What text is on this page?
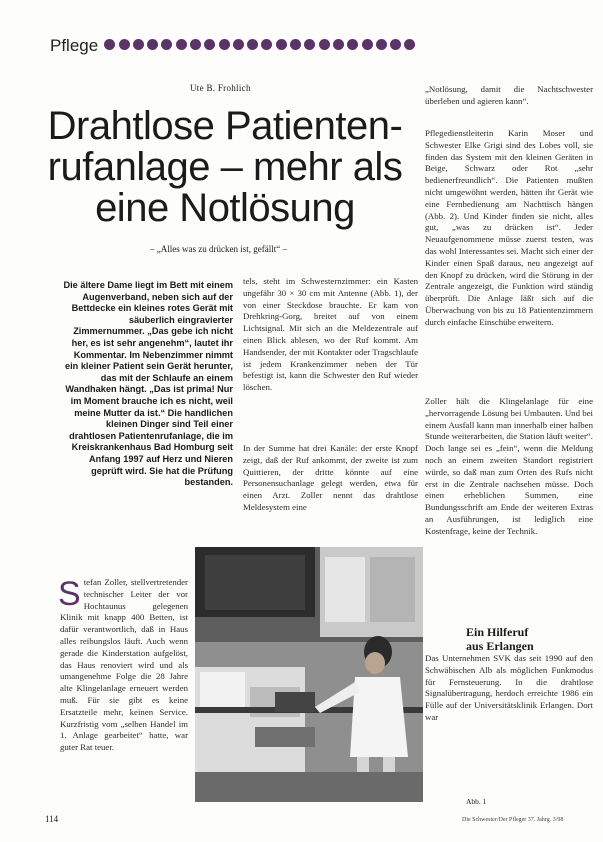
Pflege
Ute B. Frohlich
Drahtlose Patienten-
rufanlage – mehr als
eine Notlösung
– „Alles was zu drücken ist, gefällt“ –

Die ältere Dame liegt im Bett mit einem Augenverband, neben sich auf der Bettdecke ein kleines rotes Gerät mit säuberlich eingravierter Zimmernummer. „Das gebe ich nicht her, es ist sehr angenehm“, lautet ihr Kommentar. Im Nebenzimmer nimmt ein kleiner Patient sein Gerät herunter, das mit der Schlaufe an einem Wandhaken hängt. „Das ist prima! Nur im Moment brauche ich es nicht, weil meine Mutter da ist.“ Die handlichen kleinen Dinger sind Teil einer drahtlosen Patientenrufanlage, die im Kreiskrankenhaus Bad Homburg seit Anfang 1997 auf Herz und Nieren geprüft wird. Sie hat die Prüfung bestanden.

tels, steht im Schwesternzimmer: ein Kasten ungefähr 30 × 30 cm mit Antenne (Abb. 1), der von einer Steckdose brauchte. Er kam von Drehkring-Gorg, breitet auf von einem Lichtsignal. Mit sich an die Meldezentrale auf einen Blick ablesen, wo der Ruf kommt. Am Handsender, der mit Kontakter oder Tragschlaufe ist jedem Krankenzimmer neben der Tür befestigt ist, kann die Schwester den Ruf wieder löschen.

In der Summe hat drei Kanäle: der erste Knopf zeigt, daß der Ruf ankommt, der zweite ist zum Quittieren, der dritte könnte auf eine Personensuchanlage gelegt werden, etwa für einen Arzt. Zoller nennt das drahtlose Meldesystem eine

„Notlösung, damit die Nachtschwester überleben und agieren kann“.

Pflegedienstleiterin Karin Moser und Schwester Elke Grigi sind des Lobes voll, sie finden das System mit den kleinen Geräten in Beige, Schwarz oder Rot „sehr bedienerfreundlich“. Die Patienten mußten nicht umgewöhnt werden, hätten ihr Gerät wie eine Fernbedienung am Nachttisch hängen (Abb. 2). Und Kinder finden sie nicht, alles gut, „was zu drücken ist“. Jeder Neuaufgenommene müsse zuerst testen, was das wohl Interessantes sei. Macht sich einer der Kinder einen Spaß daraus, neu angezeigt auf den Knopf zu drücken, wird die Störung in der Zentrale angezeigt, die Funktion wird ständig überprüft. Die Anlage läßt sich auf die Überwachung von bis zu 18 Patientenzimmern durch einfache Einschübe erweitern.

Zoller hält die Klingelanlage für eine „hervorragende Lösung bei Umbauten. Und bei einem Ausfall kann man innerhalb einer halben Stunde weiterarbeiten, die Station läuft weiter“. Doch lange sei es „fein“, wenn die Meldung noch an einem zweiten Standort registriert würde, so daß man zum Orten des Rufs nicht erst in die Zentrale nachsehen müsse. Doch einen erheblichen Summen, eine Bundungsschrift am Ende der weiteren Extras an Ausführungen, ist lediglich eine Kostenfrage, keine der Technik.

Ein Hilferuf
aus Erlangen

Das Unternehmen SVK das seit 1990 auf den Schwäbischen Alb als möglichen Funkmodus für Fernsteuerung. In die drahtlose Signalübertragung, herdoch erreichte 1986 ein Fülle auf der Universitätsklinik Erlangen. Dort war

Stefan Zoller, stellvertretender technischer Leiter der vor Hochtaunus gelegenen Klinik mit knapp 400 Betten, ist dafür verantwortlich, daß in Haus alles reibungslos läuft. Auch wenn gerade die Kinderstation aufgelöst, das Haus renoviert wird und als umangenehme Folge die 28 Jahre alte Klingelanlage erneuert werden muß. Für sie gibt es keine Ersatzteile mehr, keinen Service. Kurzfristig vom „selben Handel im 1. Anlage gearbeitet“ hatte, war guter Rat teuer.

Abb. 1
114	Die Schwester/Der Pfleger 37. Jahrg. 3/98
